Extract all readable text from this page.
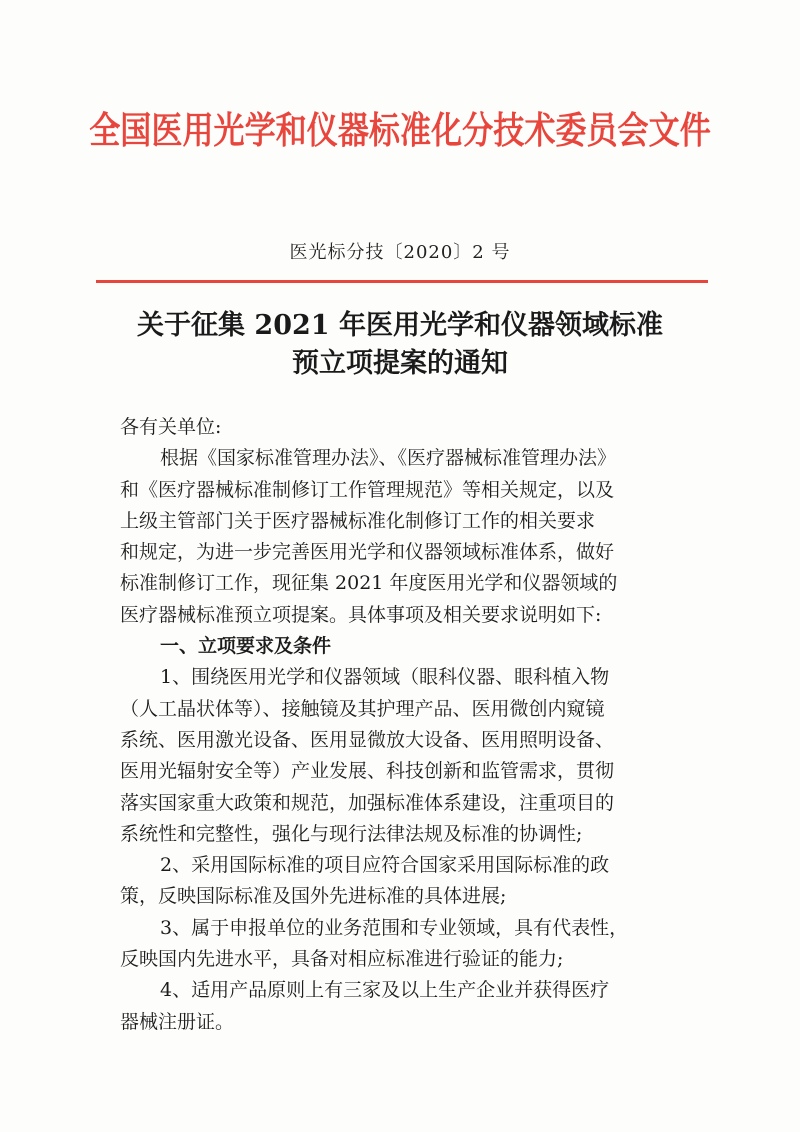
全国医用光学和仪器标准化分技术委员会文件
医光标分技〔2020〕2 号
关于征集 2021 年医用光学和仪器领域标准
预立项提案的通知
各有关单位:
根据《国家标准管理办法》、《医疗器械标准管理办法》
和《医疗器械标准制修订工作管理规范》等相关规定，以及
上级主管部门关于医疗器械标准化制修订工作的相关要求
和规定，为进一步完善医用光学和仪器领域标准体系，做好
标准制修订工作，现征集 2021 年度医用光学和仪器领域的
医疗器械标准预立项提案。具体事项及相关要求说明如下:
一、立项要求及条件
1、围绕医用光学和仪器领域（眼科仪器、眼科植入物
（人工晶状体等）、接触镜及其护理产品、医用微创内窥镜
系统、医用激光设备、医用显微放大设备、医用照明设备、
医用光辐射安全等）产业发展、科技创新和监管需求，贯彻
落实国家重大政策和规范，加强标准体系建设，注重项目的
系统性和完整性，强化与现行法律法规及标准的协调性;
2、采用国际标准的项目应符合国家采用国际标准的政
策，反映国际标准及国外先进标准的具体进展;
3、属于申报单位的业务范围和专业领域，具有代表性，
反映国内先进水平，具备对相应标准进行验证的能力;
4、适用产品原则上有三家及以上生产企业并获得医疗
器械注册证。
